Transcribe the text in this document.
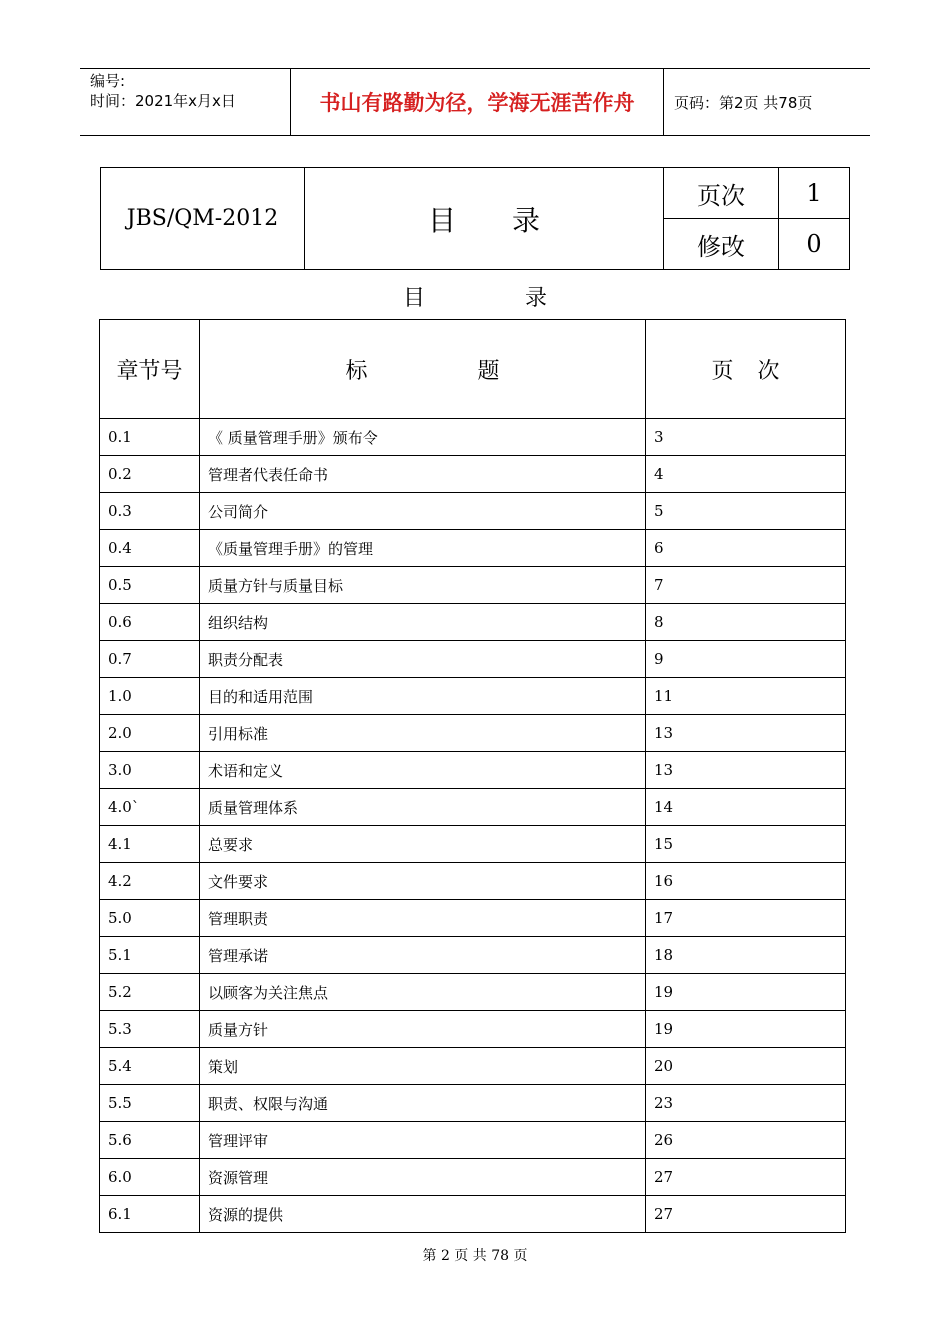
编号:
时间：2021年x月x日	书山有路勤为径，学海无涯苦作舟	页码：第2页 共78页
JBS/QM-2012	目 录	页次	1
		修改	0
目	录
章节号	标 题	页 次
0.1	《 质量管理手册》颁布令	3
0.2	管理者代表任命书	4
0.3	公司简介	5
0.4	《质量管理手册》的管理	6
0.5	质量方针与质量目标	7
0.6	组织结构	8
0.7	职责分配表	9
1.0	目的和适用范围	11
2.0	引用标准	13
3.0	术语和定义	13
4.0`	质量管理体系	14
4.1	总要求	15
4.2	文件要求	16
5.0	管理职责	17
5.1	管理承诺	18
5.2	以顾客为关注焦点	19
5.3	质量方针	19
5.4	策划	20
5.5	职责、权限与沟通	23
5.6	管理评审	26
6.0	资源管理	27
6.1	资源的提供	27
第 2 页 共 78 页
